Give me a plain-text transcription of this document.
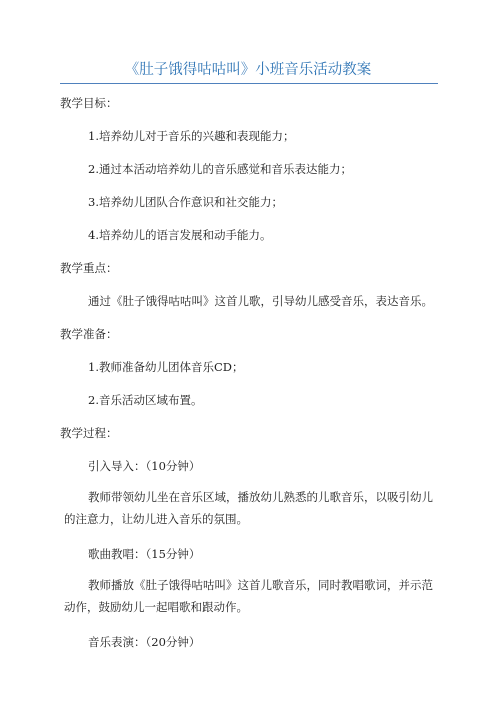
《肚子饿得咕咕叫》小班音乐活动教案
教学目标：
1.培养幼儿对于音乐的兴趣和表现能力；
2.通过本活动培养幼儿的音乐感觉和音乐表达能力；
3.培养幼儿团队合作意识和社交能力；
4.培养幼儿的语言发展和动手能力。
教学重点：
通过《肚子饿得咕咕叫》这首儿歌，引导幼儿感受音乐，表达音乐。
教学准备：
1.教师准备幼儿团体音乐CD；
2.音乐活动区域布置。
教学过程：
引入导入：（10分钟）
教师带领幼儿坐在音乐区域，播放幼儿熟悉的儿歌音乐，以吸引幼儿的注意力，让幼儿进入音乐的氛围。
歌曲教唱：（15分钟）
教师播放《肚子饿得咕咕叫》这首儿歌音乐，同时教唱歌词，并示范动作，鼓励幼儿一起唱歌和跟动作。
音乐表演：（20分钟）
